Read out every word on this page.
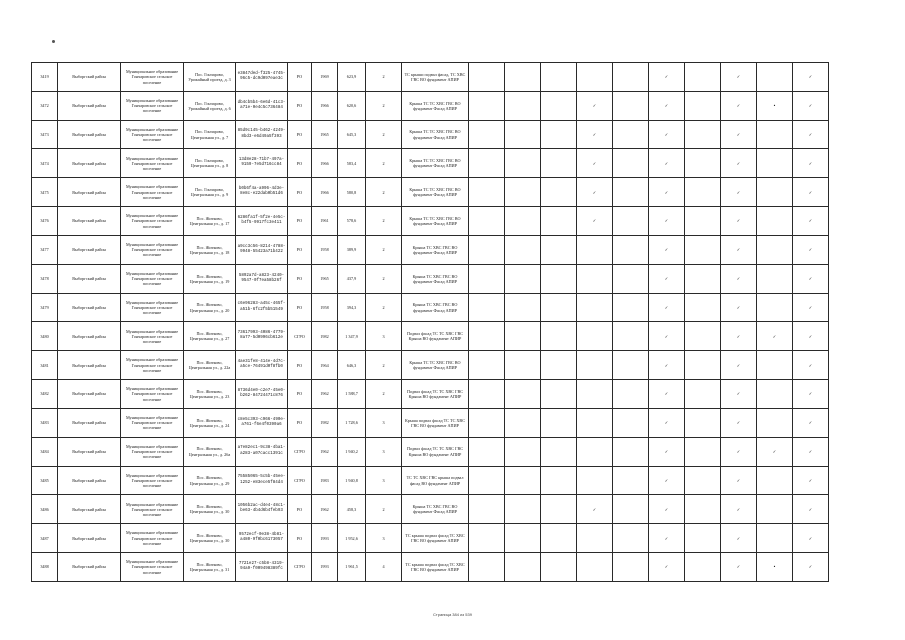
3419	Выборгский район	Муниципальное образование Гончаровское сельское поселение	Пос. Гончарово, Урожайный проезд, д. 3	e3847ded-f325-4745-96c5-dc9d097eae3c	РО	1969	623,9	2	ТС крыши подвал фасад, ТС ХВС ГВС ВО фундамент АПИР						✓		✓		✓
3472	Выборгский район	Муниципальное образование Гончаровское сельское поселение	Пос. Гончарово, Урожайный проезд, д. 6	db4cb5b4-6e6d-41c3-a71e-0e4c5c736484	РО	1966	620,6	2	Крыша ТС ТС ХВС ГВС ВО фундамент Фасад АПИР				✓		✓		✓	•	✓
3473	Выборгский район	Муниципальное образование Гончаровское сельское поселение	Пос. Гончарово, Центральная ул., д. 7	85d9c145-b462-4249-8bd3-e6d49a5f393	РО	1965	645,3	2	Крыша ТС ТС ХВС ГВС ВО фундамент Фасад АПИР				✓		✓		✓		✓
3474	Выборгский район	Муниципальное образование Гончаровское сельское поселение	Пос. Гончарово, Центральная ул., д. 8	13d8e28-71b7-497a-9159-7e5d716cc84	РО	1966	583,4	2	Крыша ТС ТС ХВС ГВС ВО фундамент Фасад АПИР				✓		✓		✓		✓
3475	Выборгский район	Муниципальное образование Гончаровское сельское поселение	Пос. Гончарово, Центральная ул., д. 9	b0b6f4a-a996-4d3e-8e8c-e22dab0b51d6	РО	1966	580,8	2	Крыша ТС ТС ХВС ГВС ВО фундамент Фасад АПИР				✓		✓		✓		✓
3476	Выборгский район	Муниципальное образование Гончаровское сельское поселение	Пос. Житково, Центральная ул., д. 17	6286fa1f-5f2e-4e5c-b4f5-9917fc3e411	РО	1961	578,6	2	Крыша ТС ТС ХВС ГВС ВО фундамент Фасад АПИР				✓		✓		✓		✓
3477	Выборгский район	Муниципальное образование Гончаровское сельское поселение	Пос. Житково, Центральная ул., д. 18	a9cc3c56-8214-4788-9948-55423a71b422	РО	1958	389,9	2	Крыша ТС ХВС ГВС ВО фундамент Фасад АПИР						✓		✓		✓
3478	Выборгский район	Муниципальное образование Гончаровское сельское поселение	Пос. Житково, Центральная ул., д. 19	5892a7d-a823-4240-9547-0f7ea58b26f	РО	1965	437,9	2	Крыша ТС ХВС ГВС ВО фундамент Фасад АПИР						✓		✓		✓
3479	Выборгский район	Муниципальное образование Гончаровское сельское поселение	Пос. Житково, Центральная ул., д. 20	c6e96283-a45c-465f-a51b-6fc2f5b51549	РО	1958	394,3	2	Крыша ТС ХВС ГВС ВО фундамент Фасад АПИР						✓		✓		✓
3480	Выборгский район	Муниципальное образование Гончаровское сельское поселение	Пос. Житково, Центральная ул., д. 27	73617993-4086-4779-8a77-5d0996cb612e	СГРО	1982	1 347,9	3	Подвал фасад ТС ТС ХВС ГВС Крыша ВО фундамент АПИР						✓		✓	✓	✓
3481	Выборгский район	Муниципальное образование Гончаровское сельское поселение	Пос. Житково, Центральная ул., д. 22а	4ae31fe8-414e-4d7c-a5ce-76491d0f8fb0	РО	1964	646,3	2	Крыша ТС ТС ХВС ГВС ВО фундамент Фасад АПИР						✓		✓		✓
3482	Выборгский район	Муниципальное образование Гончаровское сельское поселение	Пос. Житково, Центральная ул., д. 23	8736d4e0-c2e7-45e0-b262-84724471c876	РО	1962	1 588,7	2	Подвал фасад ТС ТС ХВС ГВС Крыша ВО фундамент АПИР						✓		✓		✓
3483	Выборгский район	Муниципальное образование Гончаровское сельское поселение	Пос. Житково, Центральная ул., д. 24	c8e5c393-c966-490e-a761-f6e4f0390a6	РО	1982	1 728,6	3	Крыша подвал фасад ТС ТС ХВС ГВС ВО фундамент АПИР						✓		✓		✓
3484	Выборгский район	Муниципальное образование Гончаровское сельское поселение	Пос. Житково, Центральная ул., д. 26а	a7e82ec1-9c38-4ba1-a283-a07cacc1391c	СГРО	1962	1 940,2	3	Подвал фасад ТС ТС ХВС ГВС Крыша ВО фундамент АПИР						✓		✓	✓	✓
3485	Выборгский район	Муниципальное образование Гончаровское сельское поселение	Пос. Житково, Центральная ул., д. 29	75585065-5c5b-45ee-1252-e83ece5f84d4	СГРО	1983	1 940,8	3	ТС ТС ХВС ГВС крыша подвал фасад ВО фундамент АПИР						✓		✓		✓
3486	Выборгский район	Муниципальное образование Гончаровское сельское поселение	Пос. Житково, Центральная ул., д. 30	1056b2ac-d4e4-48c1-be63-4b4d6b4feb93	РО	1962	458,3	2	Крыша ТС ХВС ГВС ВО фундамент Фасад АПИР				✓		✓		✓		✓
3487	Выборгский район	Муниципальное образование Гончаровское сельское поселение	Пос. Житково, Центральная ул., д. 30	9572ecf-0e38-4b81-a480-9f0bc6173057	РО	1993	1 952,6	3	ТС крыша подвал фасад ТС ХВС ГВС ВО фундамент АПИР						✓		✓		✓
3488	Выборгский район	Муниципальное образование Гончаровское сельское поселение	Пос. Житково, Центральная ул., д. 31	7721e27-c5b8-4319-94a9-f009498389fc	СГРО	1993	1 961,5	4	ТС крыша подвал фасад ТС ХВС ГВС ВО фундамент АПИР						✓		✓	•	✓
Страница 384 из 539
